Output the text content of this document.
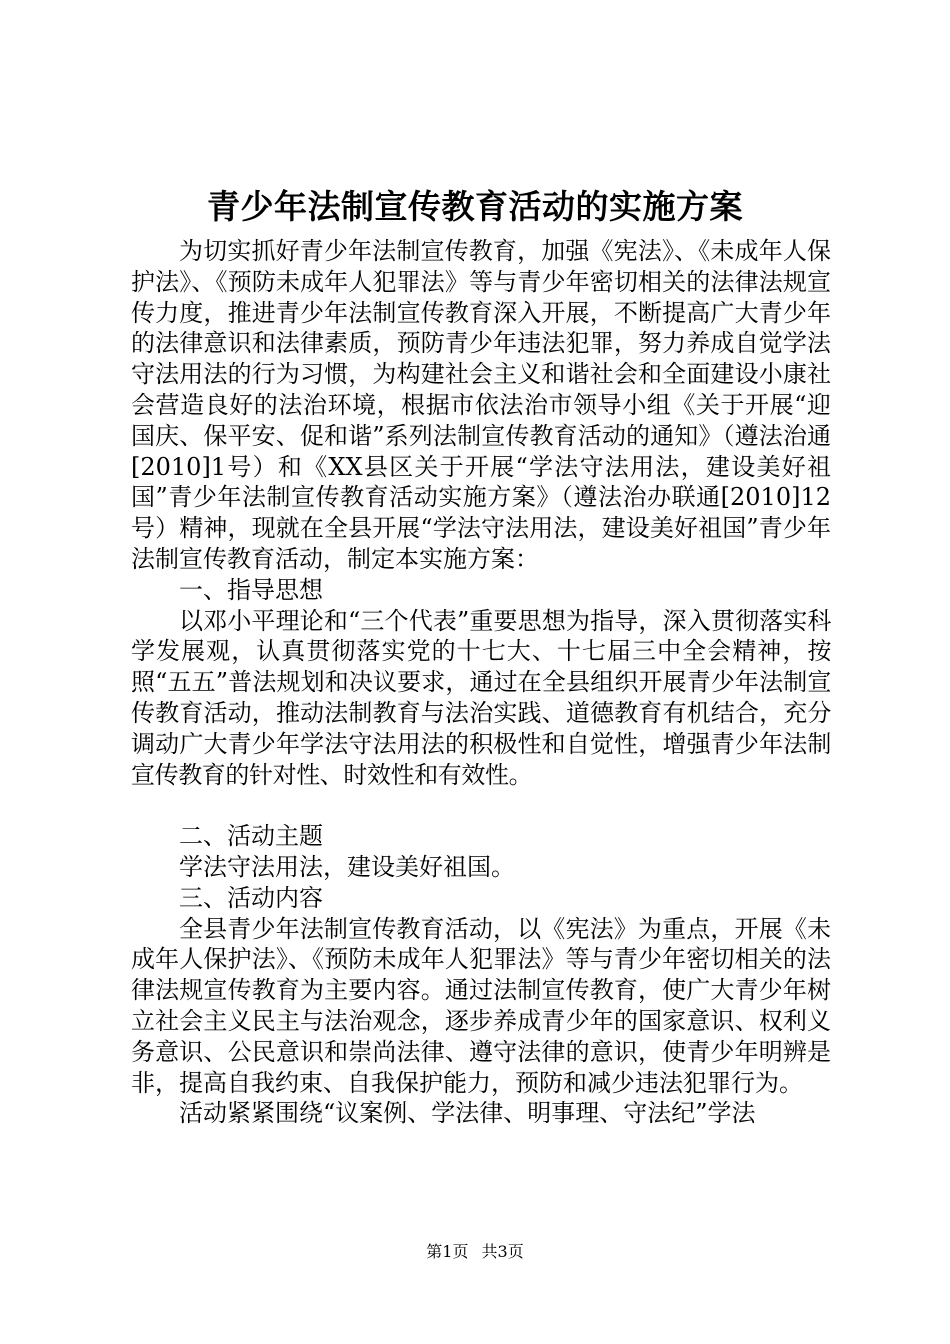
青少年法制宣传教育活动的实施方案

为切实抓好青少年法制宣传教育，加强《宪法》、《未成年人保护法》、《预防未成年人犯罪法》等与青少年密切相关的法律法规宣传力度，推进青少年法制宣传教育深入开展，不断提高广大青少年的法律意识和法律素质，预防青少年违法犯罪，努力养成自觉学法守法用法的行为习惯，为构建社会主义和谐社会和全面建设小康社会营造良好的法治环境，根据市依法治市领导小组《关于开展“迎国庆、保平安、促和谐”系列法制宣传教育活动的通知》（遵法治通[2010]1号）和《XX县区关于开展“学法守法用法，建设美好祖国”青少年法制宣传教育活动实施方案》（遵法治办联通[2010]12号）精神，现就在全县开展“学法守法用法，建设美好祖国”青少年法制宣传教育活动，制定本实施方案：

一、指导思想

以邓小平理论和“三个代表”重要思想为指导，深入贯彻落实科学发展观，认真贯彻落实党的十七大、十七届三中全会精神，按照“五五”普法规划和决议要求，通过在全县组织开展青少年法制宣传教育活动，推动法制教育与法治实践、道德教育有机结合，充分调动广大青少年学法守法用法的积极性和自觉性，增强青少年法制宣传教育的针对性、时效性和有效性。

二、活动主题

学法守法用法，建设美好祖国。

三、活动内容

全县青少年法制宣传教育活动，以《宪法》为重点，开展《未成年人保护法》、《预防未成年人犯罪法》等与青少年密切相关的法律法规宣传教育为主要内容。通过法制宣传教育，使广大青少年树立社会主义民主与法治观念，逐步养成青少年的国家意识、权利义务意识、公民意识和崇尚法律、遵守法律的意识，使青少年明辨是非，提高自我约束、自我保护能力，预防和减少违法犯罪行为。

活动紧紧围绕“议案例、学法律、明事理、守法纪”学法

第1页 共3页
